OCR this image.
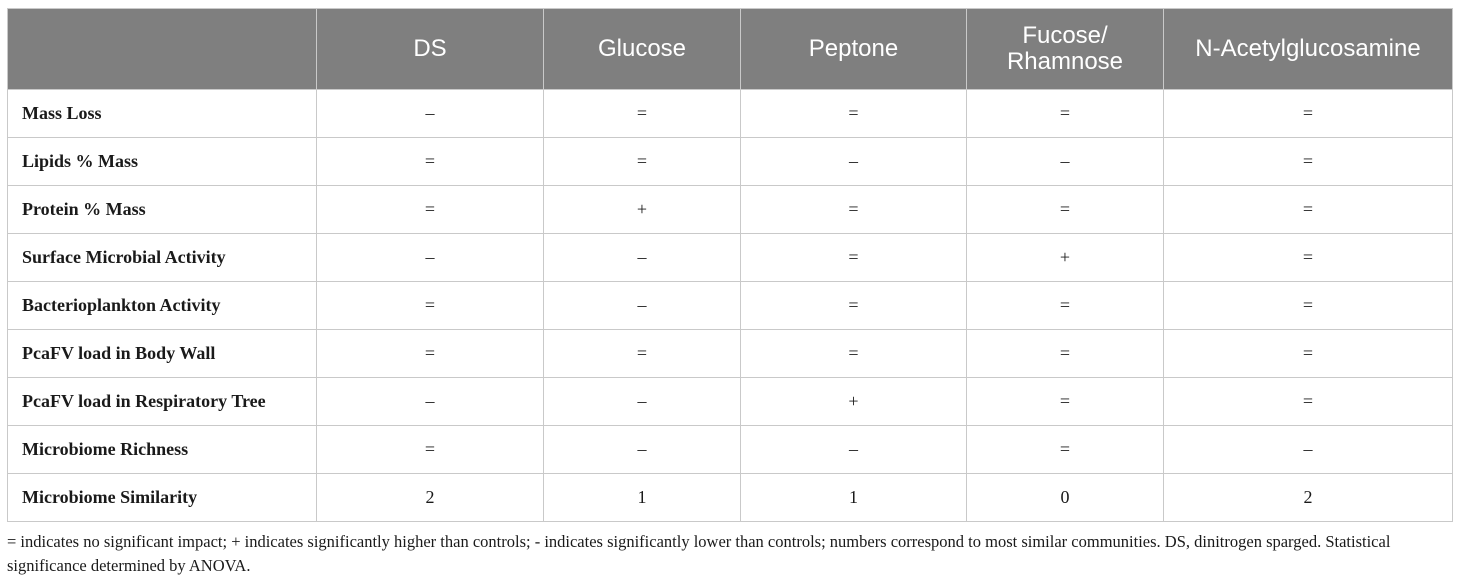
	DS	Glucose	Peptone	Fucose/ Rhamnose	N-Acetylglucosamine
Mass Loss	–	=	=	=	=
Lipids % Mass	=	=	–	–	=
Protein % Mass	=	+	=	=	=
Surface Microbial Activity	–	–	=	+	=
Bacterioplankton Activity	=	–	=	=	=
PcaFV load in Body Wall	=	=	=	=	=
PcaFV load in Respiratory Tree	–	–	+	=	=
Microbiome Richness	=	–	–	=	–
Microbiome Similarity	2	1	1	0	2
= indicates no significant impact; + indicates significantly higher than controls; - indicates significantly lower than controls; numbers correspond to most similar communities. DS, dinitrogen sparged. Statistical significance determined by ANOVA.
